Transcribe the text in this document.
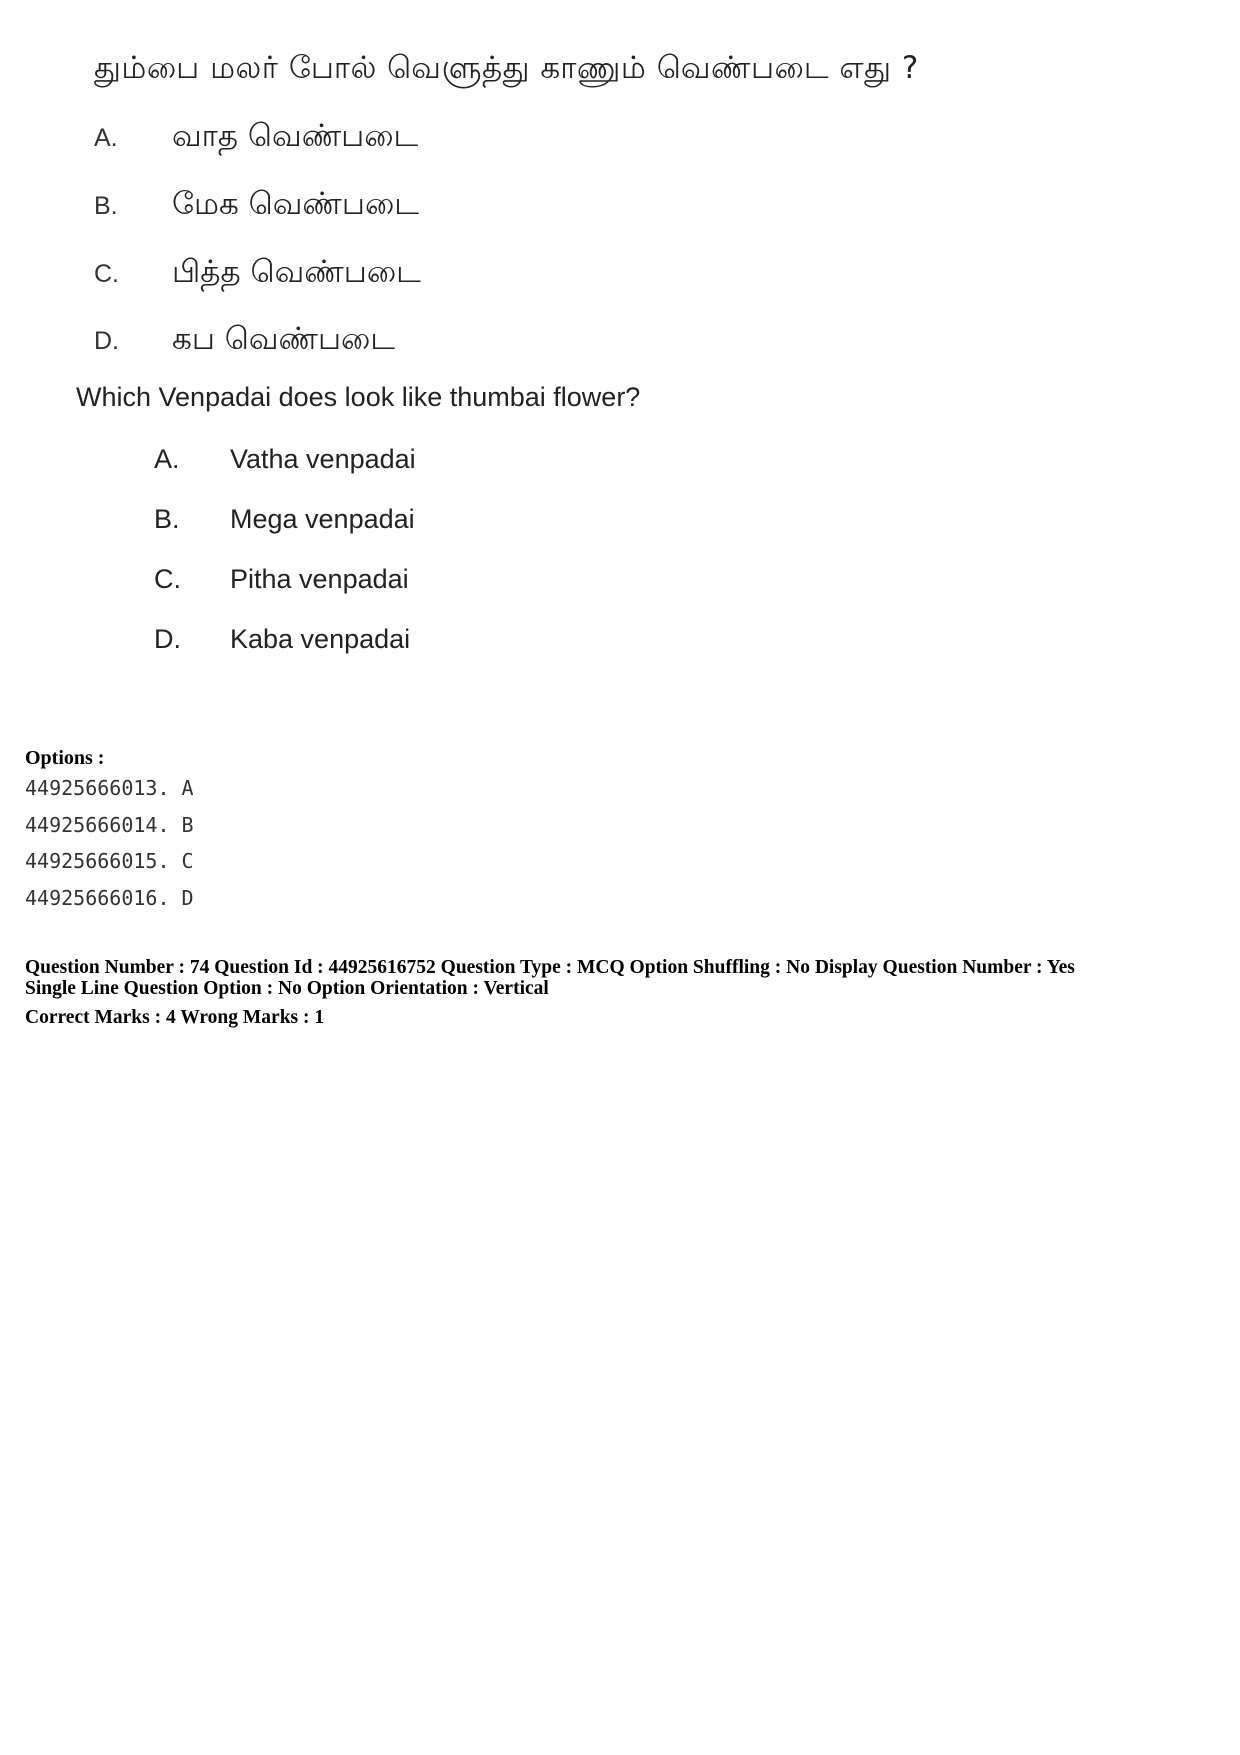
தும்பை மலர் போல் வெளுத்து காணும் வெண்படை எது ?
A. வாத வெண்படை
B. மேக வெண்படை
C. பித்த வெண்படை
D. கப வெண்படை
Which Venpadai does look like thumbai flower?
A. Vatha venpadai
B. Mega venpadai
C. Pitha venpadai
D. Kaba venpadai
Options :
44925666013. A
44925666014. B
44925666015. C
44925666016. D
Question Number : 74 Question Id : 44925616752 Question Type : MCQ Option Shuffling : No Display Question Number : Yes
Single Line Question Option : No Option Orientation : Vertical
Correct Marks : 4 Wrong Marks : 1
